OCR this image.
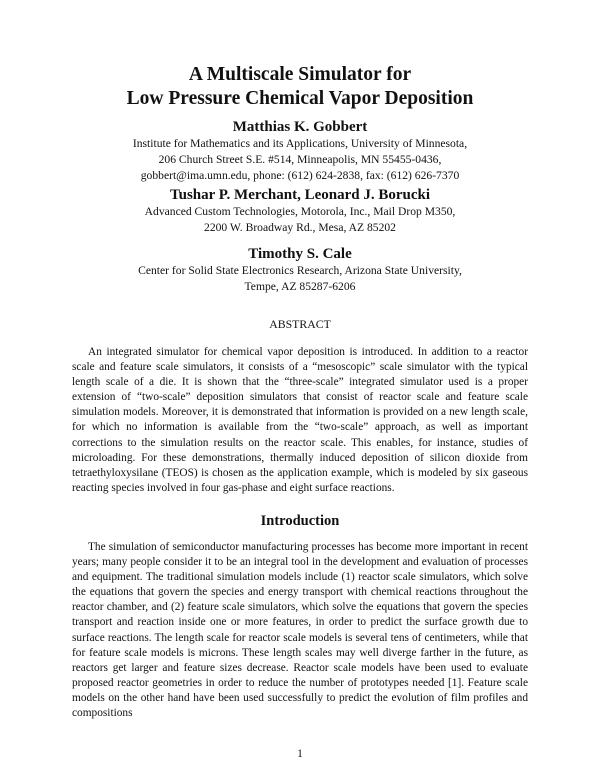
A Multiscale Simulator for
Low Pressure Chemical Vapor Deposition
Matthias K. Gobbert
Institute for Mathematics and its Applications, University of Minnesota,
206 Church Street S.E. #514, Minneapolis, MN 55455-0436,
gobbert@ima.umn.edu, phone: (612) 624-2838, fax: (612) 626-7370
Tushar P. Merchant, Leonard J. Borucki
Advanced Custom Technologies, Motorola, Inc., Mail Drop M350,
2200 W. Broadway Rd., Mesa, AZ 85202
Timothy S. Cale
Center for Solid State Electronics Research, Arizona State University,
Tempe, AZ 85287-6206
ABSTRACT

An integrated simulator for chemical vapor deposition is introduced. In addition to a reactor scale and feature scale simulators, it consists of a “mesoscopic” scale simulator with the typical length scale of a die. It is shown that the “three-scale” integrated simulator used is a proper extension of “two-scale” deposition simulators that consist of reactor scale and feature scale simulation models. Moreover, it is demonstrated that information is provided on a new length scale, for which no information is available from the “two-scale” approach, as well as important corrections to the simulation results on the reactor scale. This enables, for instance, studies of microloading. For these demonstrations, thermally induced deposition of silicon dioxide from tetraethyloxysilane (TEOS) is chosen as the application example, which is modeled by six gaseous reacting species involved in four gas-phase and eight surface reactions.

Introduction

The simulation of semiconductor manufacturing processes has become more important in recent years; many people consider it to be an integral tool in the development and evaluation of processes and equipment. The traditional simulation models include (1) reactor scale simulators, which solve the equations that govern the species and energy transport with chemical reactions throughout the reactor chamber, and (2) feature scale simulators, which solve the equations that govern the species transport and reaction inside one or more features, in order to predict the surface growth due to surface reactions. The length scale for reactor scale models is several tens of centimeters, while that for feature scale models is microns. These length scales may well diverge farther in the future, as reactors get larger and feature sizes decrease. Reactor scale models have been used to evaluate proposed reactor geometries in order to reduce the number of prototypes needed [1]. Feature scale models on the other hand have been used successfully to predict the evolution of film profiles and compositions

1
